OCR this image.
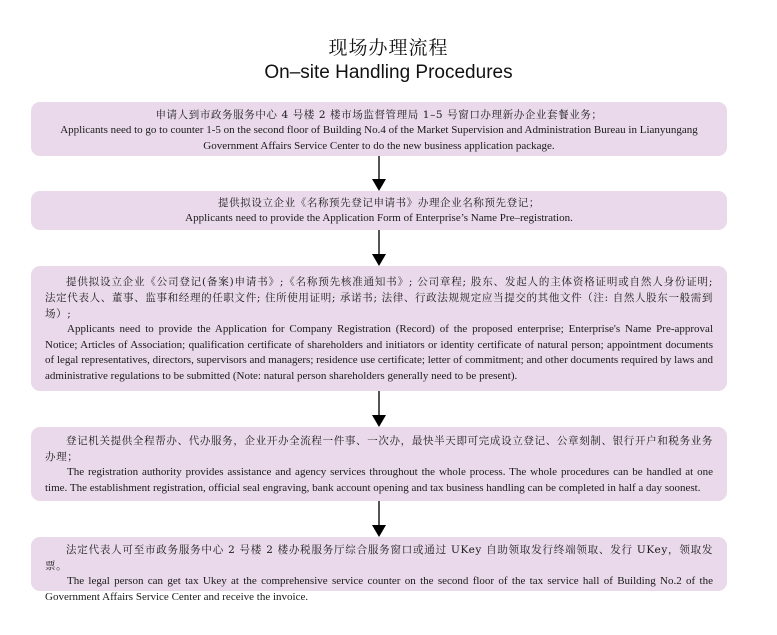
现场办理流程
On–site Handling Procedures
申请人到市政务服务中心 4 号楼 2 楼市场监督管理局 1–5 号窗口办理新办企业套餐业务；
Applicants need to go to counter 1-5 on the second floor of Building No.4 of the Market Supervision and Administration Bureau in Lianyungang Government Affairs Service Center to do the new business application package.
提供拟设立企业《名称预先登记申请书》办理企业名称预先登记；
Applicants need to provide the Application Form of Enterprise’s Name Pre–registration.
提供拟设立企业《公司登记(备案)申请书》;《名称预先核准通知书》; 公司章程; 股东、发起人的主体资格证明或自然人身份证明; 法定代表人、董事、监事和经理的任职文件; 住所使用证明; 承诺书; 法律、行政法规规定应当提交的其他文件（注: 自然人股东一般需到场）;
Applicants need to provide the Application for Company Registration (Record) of the proposed enterprise; Enterprise's Name Pre-approval Notice; Articles of Association; qualification certificate of shareholders and initiators or identity certificate of natural person; appointment documents of legal representatives, directors, supervisors and managers; residence use certificate; letter of commitment; and other documents required by laws and administrative regulations to be submitted (Note: natural person shareholders generally need to be present).
登记机关提供全程帮办、代办服务，企业开办全流程一件事、一次办，最快半天即可完成设立登记、公章刻制、银行开户和税务业务办理；
The registration authority provides assistance and agency services throughout the whole process. The whole procedures can be handled at one time. The establishment registration, official seal engraving, bank account opening and tax business handling can be completed in half a day soonest.
法定代表人可至市政务服务中心 2 号楼 2 楼办税服务厅综合服务窗口或通过 UKey 自助领取发行终端领取、发行 UKey，领取发票。
The legal person can get tax Ukey at the comprehensive service counter on the second floor of the tax service hall of Building No.2 of the Government Affairs Service Center and receive the invoice.
